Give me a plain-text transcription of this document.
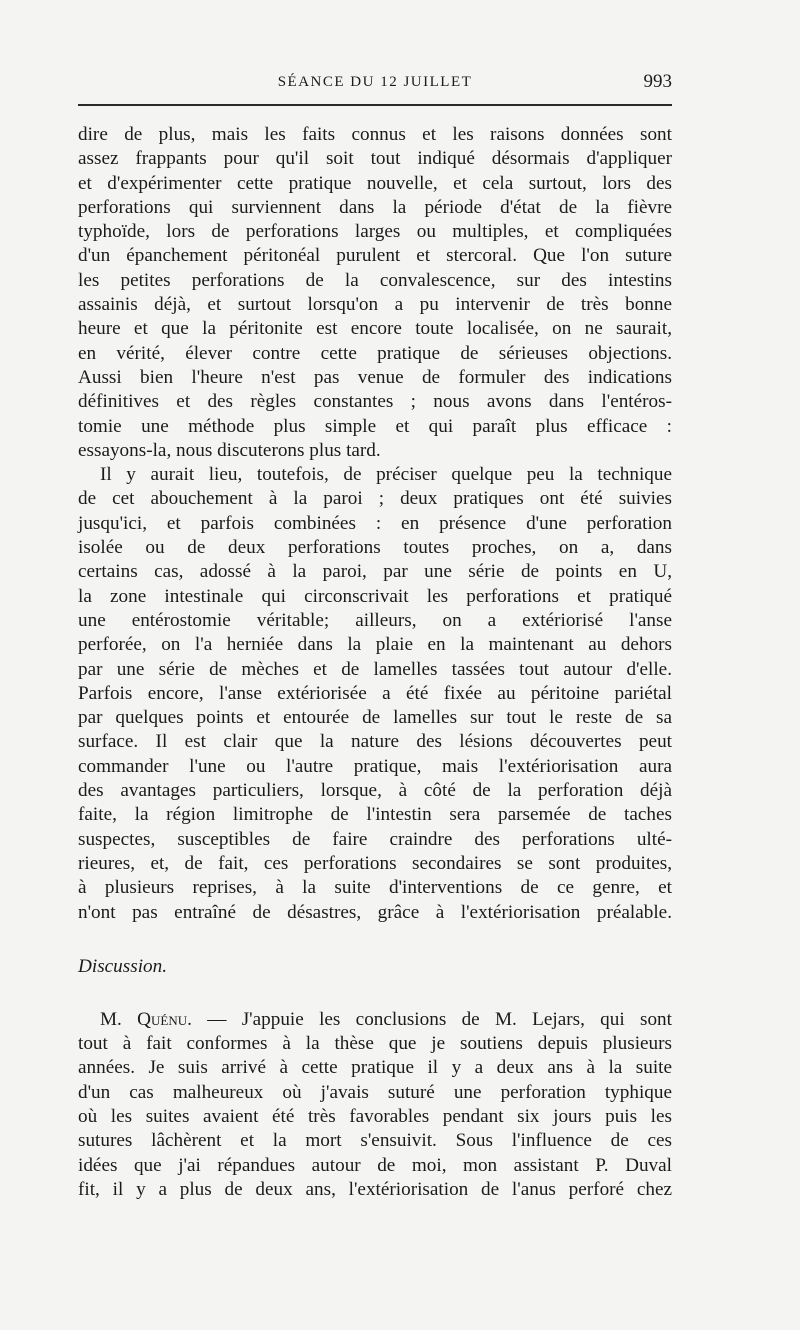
SÉANCE DU 12 JUILLET	993
dire de plus, mais les faits connus et les raisons données sont
assez frappants pour qu'il soit tout indiqué désormais d'appliquer
et d'expérimenter cette pratique nouvelle, et cela surtout, lors des
perforations qui surviennent dans la période d'état de la fièvre
typhoïde, lors de perforations larges ou multiples, et compliquées
d'un épanchement péritonéal purulent et stercoral. Que l'on suture
les petites perforations de la convalescence, sur des intestins
assainis déjà, et surtout lorsqu'on a pu intervenir de très bonne
heure et que la péritonite est encore toute localisée, on ne saurait,
en vérité, élever contre cette pratique de sérieuses objections.
Aussi bien l'heure n'est pas venue de formuler des indications
définitives et des règles constantes ; nous avons dans l'entéros-
tomie une méthode plus simple et qui paraît plus efficace :
essayons-la, nous discuterons plus tard.
Il y aurait lieu, toutefois, de préciser quelque peu la technique
de cet abouchement à la paroi ; deux pratiques ont été suivies
jusqu'ici, et parfois combinées : en présence d'une perforation
isolée ou de deux perforations toutes proches, on a, dans
certains cas, adossé à la paroi, par une série de points en U,
la zone intestinale qui circonscrivait les perforations et pratiqué
une entérostomie véritable; ailleurs, on a extériorisé l'anse
perforée, on l'a herniée dans la plaie en la maintenant au dehors
par une série de mèches et de lamelles tassées tout autour d'elle.
Parfois encore, l'anse extériorisée a été fixée au péritoine pariétal
par quelques points et entourée de lamelles sur tout le reste de sa
surface. Il est clair que la nature des lésions découvertes peut
commander l'une ou l'autre pratique, mais l'extériorisation aura
des avantages particuliers, lorsque, à côté de la perforation déjà
faite, la région limitrophe de l'intestin sera parsemée de taches
suspectes, susceptibles de faire craindre des perforations ulté-
rieures, et, de fait, ces perforations secondaires se sont produites,
à plusieurs reprises, à la suite d'interventions de ce genre, et
n'ont pas entraîné de désastres, grâce à l'extériorisation préalable.
Discussion.
M. Quénu. — J'appuie les conclusions de M. Lejars, qui sont
tout à fait conformes à la thèse que je soutiens depuis plusieurs
années. Je suis arrivé à cette pratique il y a deux ans à la suite
d'un cas malheureux où j'avais suturé une perforation typhique
où les suites avaient été très favorables pendant six jours puis les
sutures lâchèrent et la mort s'ensuivit. Sous l'influence de ces
idées que j'ai répandues autour de moi, mon assistant P. Duval
fit, il y a plus de deux ans, l'extériorisation de l'anus perforé chez
